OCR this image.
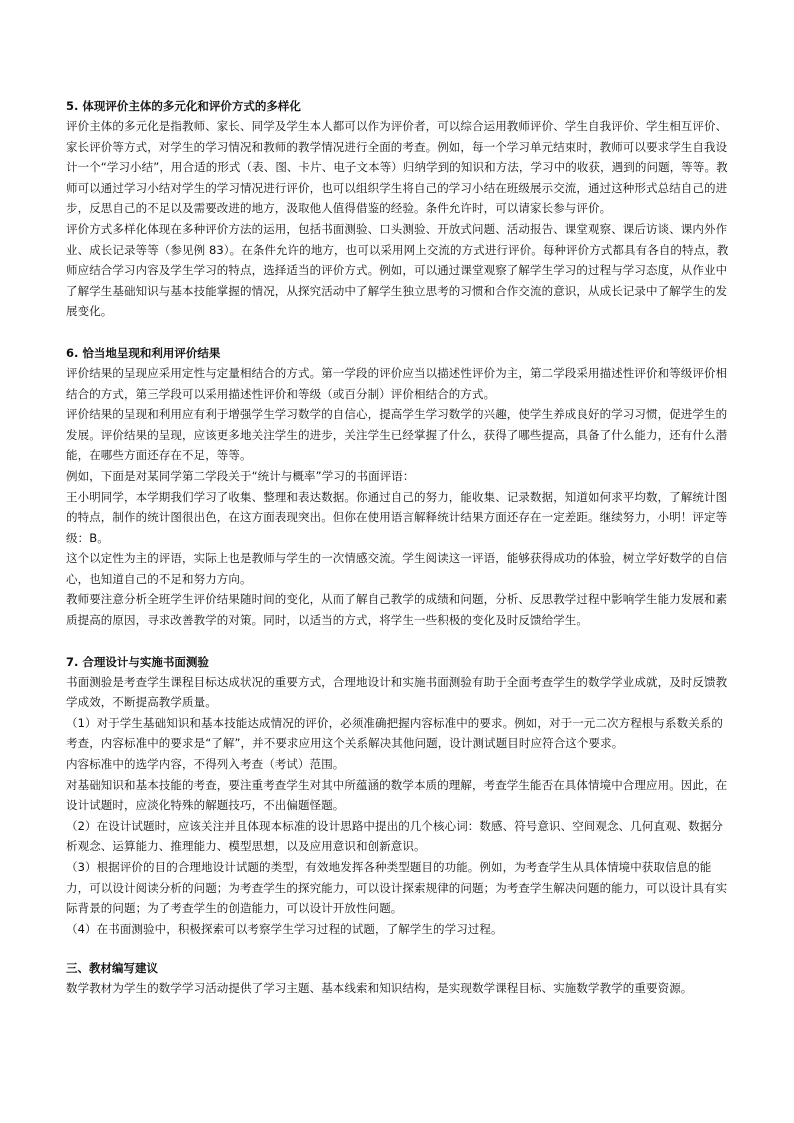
5. 体现评价主体的多元化和评价方式的多样化

评价主体的多元化是指教师、家长、同学及学生本人都可以作为评价者，可以综合运用教师评价、学生自我评价、学生相互评价、家长评价等方式，对学生的学习情况和教师的教学情况进行全面的考查。例如，每一个学习单元结束时，教师可以要求学生自我设计一个“学习小结”，用合适的形式（表、图、卡片、电子文本等）归纳学到的知识和方法，学习中的收获，遇到的问题，等等。教师可以通过学习小结对学生的学习情况进行评价，也可以组织学生将自己的学习小结在班级展示交流，通过这种形式总结自己的进步，反思自己的不足以及需要改进的地方，汲取他人值得借鉴的经验。条件允许时，可以请家长参与评价。

评价方式多样化体现在多种评价方法的运用，包括书面测验、口头测验、开放式问题、活动报告、课堂观察、课后访谈、课内外作业、成长记录等等（参见例 83）。在条件允许的地方，也可以采用网上交流的方式进行评价。每种评价方式都具有各自的特点，教师应结合学习内容及学生学习的特点，选择适当的评价方式。例如，可以通过课堂观察了解学生学习的过程与学习态度，从作业中了解学生基础知识与基本技能掌握的情况，从探究活动中了解学生独立思考的习惯和合作交流的意识，从成长记录中了解学生的发展变化。

6. 恰当地呈现和利用评价结果

评价结果的呈现应采用定性与定量相结合的方式。第一学段的评价应当以描述性评价为主，第二学段采用描述性评价和等级评价相结合的方式，第三学段可以采用描述性评价和等级（或百分制）评价相结合的方式。

评价结果的呈现和利用应有利于增强学生学习数学的自信心，提高学生学习数学的兴趣，使学生养成良好的学习习惯，促进学生的发展。评价结果的呈现，应该更多地关注学生的进步，关注学生已经掌握了什么，获得了哪些提高，具备了什么能力，还有什么潜能，在哪些方面还存在不足，等等。

例如，下面是对某同学第二学段关于“统计与概率”学习的书面评语：

王小明同学，本学期我们学习了收集、整理和表达数据。你通过自己的努力，能收集、记录数据，知道如何求平均数，了解统计图的特点，制作的统计图很出色，在这方面表现突出。但你在使用语言解释统计结果方面还存在一定差距。继续努力，小明！评定等级：B。

这个以定性为主的评语，实际上也是教师与学生的一次情感交流。学生阅读这一评语，能够获得成功的体验，树立学好数学的自信心，也知道自己的不足和努力方向。

教师要注意分析全班学生评价结果随时间的变化，从而了解自己教学的成绩和问题，分析、反思教学过程中影响学生能力发展和素质提高的原因，寻求改善教学的对策。同时，以适当的方式，将学生一些积极的变化及时反馈给学生。

7. 合理设计与实施书面测验

书面测验是考查学生课程目标达成状况的重要方式，合理地设计和实施书面测验有助于全面考查学生的数学学业成就，及时反馈教学成效，不断提高教学质量。

（1）对于学生基础知识和基本技能达成情况的评价，必须准确把握内容标准中的要求。例如，对于一元二次方程根与系数关系的考查，内容标准中的要求是“了解”，并不要求应用这个关系解决其他问题，设计测试题目时应符合这个要求。

内容标准中的选学内容，不得列入考查（考试）范围。

对基础知识和基本技能的考查，要注重考查学生对其中所蕴涵的数学本质的理解，考查学生能否在具体情境中合理应用。因此，在设计试题时，应淡化特殊的解题技巧，不出偏题怪题。

（2）在设计试题时，应该关注并且体现本标准的设计思路中提出的几个核心词：数感、符号意识、空间观念、几何直观、数据分析观念、运算能力、推理能力、模型思想，以及应用意识和创新意识。

（3）根据评价的目的合理地设计试题的类型，有效地发挥各种类型题目的功能。例如，为考查学生从具体情境中获取信息的能力，可以设计阅读分析的问题；为考查学生的探究能力，可以设计探索规律的问题；为考查学生解决问题的能力，可以设计具有实际背景的问题；为了考查学生的创造能力，可以设计开放性问题。

（4）在书面测验中，积极探索可以考察学生学习过程的试题，了解学生的学习过程。

三、教材编写建议

数学教材为学生的数学学习活动提供了学习主题、基本线索和知识结构，是实现数学课程目标、实施数学教学的重要资源。
